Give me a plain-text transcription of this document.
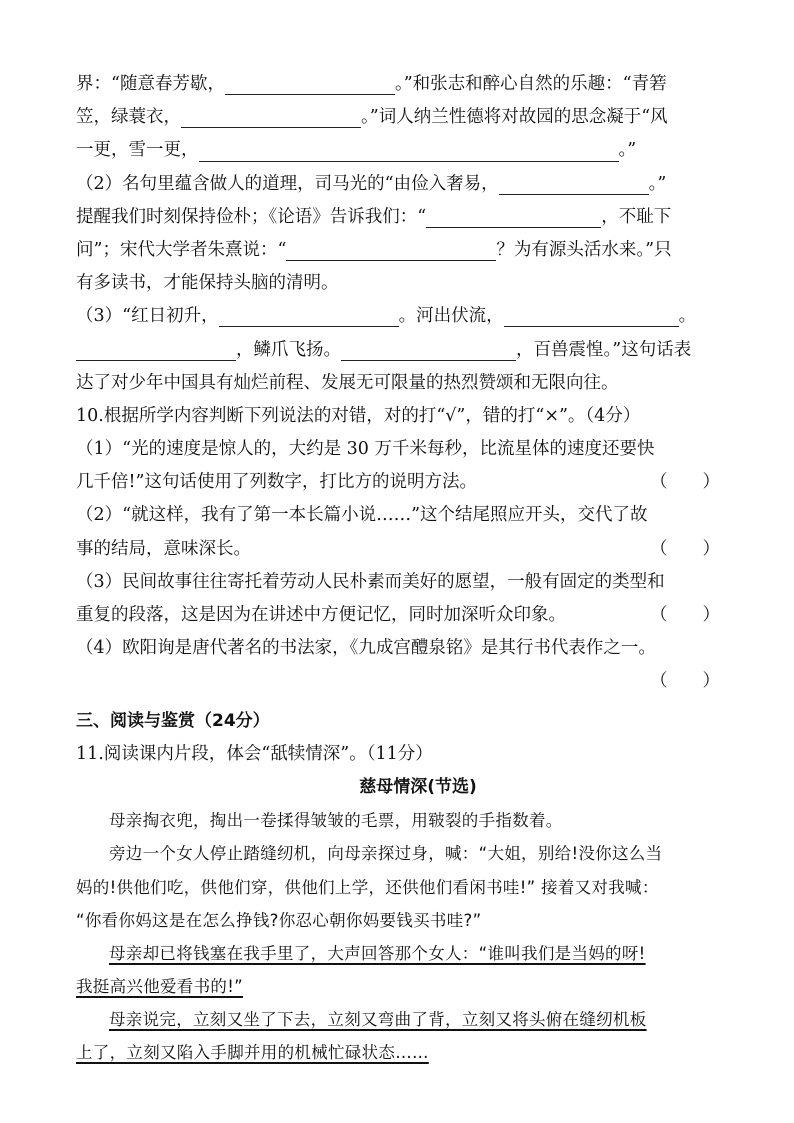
界：“随意春芳歇，	。”和张志和醉心自然的乐趣：“青箬
笠，绿蓑衣，	。”词人纳兰性德将对故园的思念凝于“风
一更，雪一更，	。”
（2）名句里蕴含做人的道理，司马光的“由俭入奢易，	。”
提醒我们时刻保持俭朴；《论语》告诉我们：“	，不耻下
问”；宋代大学者朱熹说：“	？为有源头活水来。”只
有多读书，才能保持头脑的清明。
（3）“红日初升，	。河出伏流，	。
，鳞爪飞扬。	，百兽震惶。”这句话表
达了对少年中国具有灿烂前程、发展无可限量的热烈赞颂和无限向往。
10.根据所学内容判断下列说法的对错，对的打“√”，错的打“×”。（4分）
（1）“光的速度是惊人的，大约是 30 万千米每秒，比流星体的速度还要快
几千倍!”这句话使用了列数字，打比方的说明方法。	（　　）
（2）“就这样，我有了第一本长篇小说……”这个结尾照应开头，交代了故
事的结局，意味深长。	（　　）
（3）民间故事往往寄托着劳动人民朴素而美好的愿望，一般有固定的类型和
重复的段落，这是因为在讲述中方便记忆，同时加深听众印象。	（　　）
（4）欧阳询是唐代著名的书法家，《九成宫醴泉铭》是其行书代表作之一。
（　　）
三、阅读与鉴赏（24分）
11.阅读课内片段，体会“舐犊情深”。（11分）
慈母情深(节选)
母亲掏衣兜，掏出一卷揉得皱皱的毛票，用皲裂的手指数着。
旁边一个女人停止踏缝纫机，向母亲探过身，喊：“大姐，别给!没你这么当
妈的!供他们吃，供他们穿，供他们上学，还供他们看闲书哇!” 接着又对我喊：
“你看你妈这是在怎么挣钱?你忍心朝你妈要钱买书哇?”
母亲却已将钱塞在我手里了，大声回答那个女人：“谁叫我们是当妈的呀!
我挺高兴他爱看书的!”
母亲说完，立刻又坐了下去，立刻又弯曲了背，立刻又将头俯在缝纫机板
上了，立刻又陷入手脚并用的机械忙碌状态……
